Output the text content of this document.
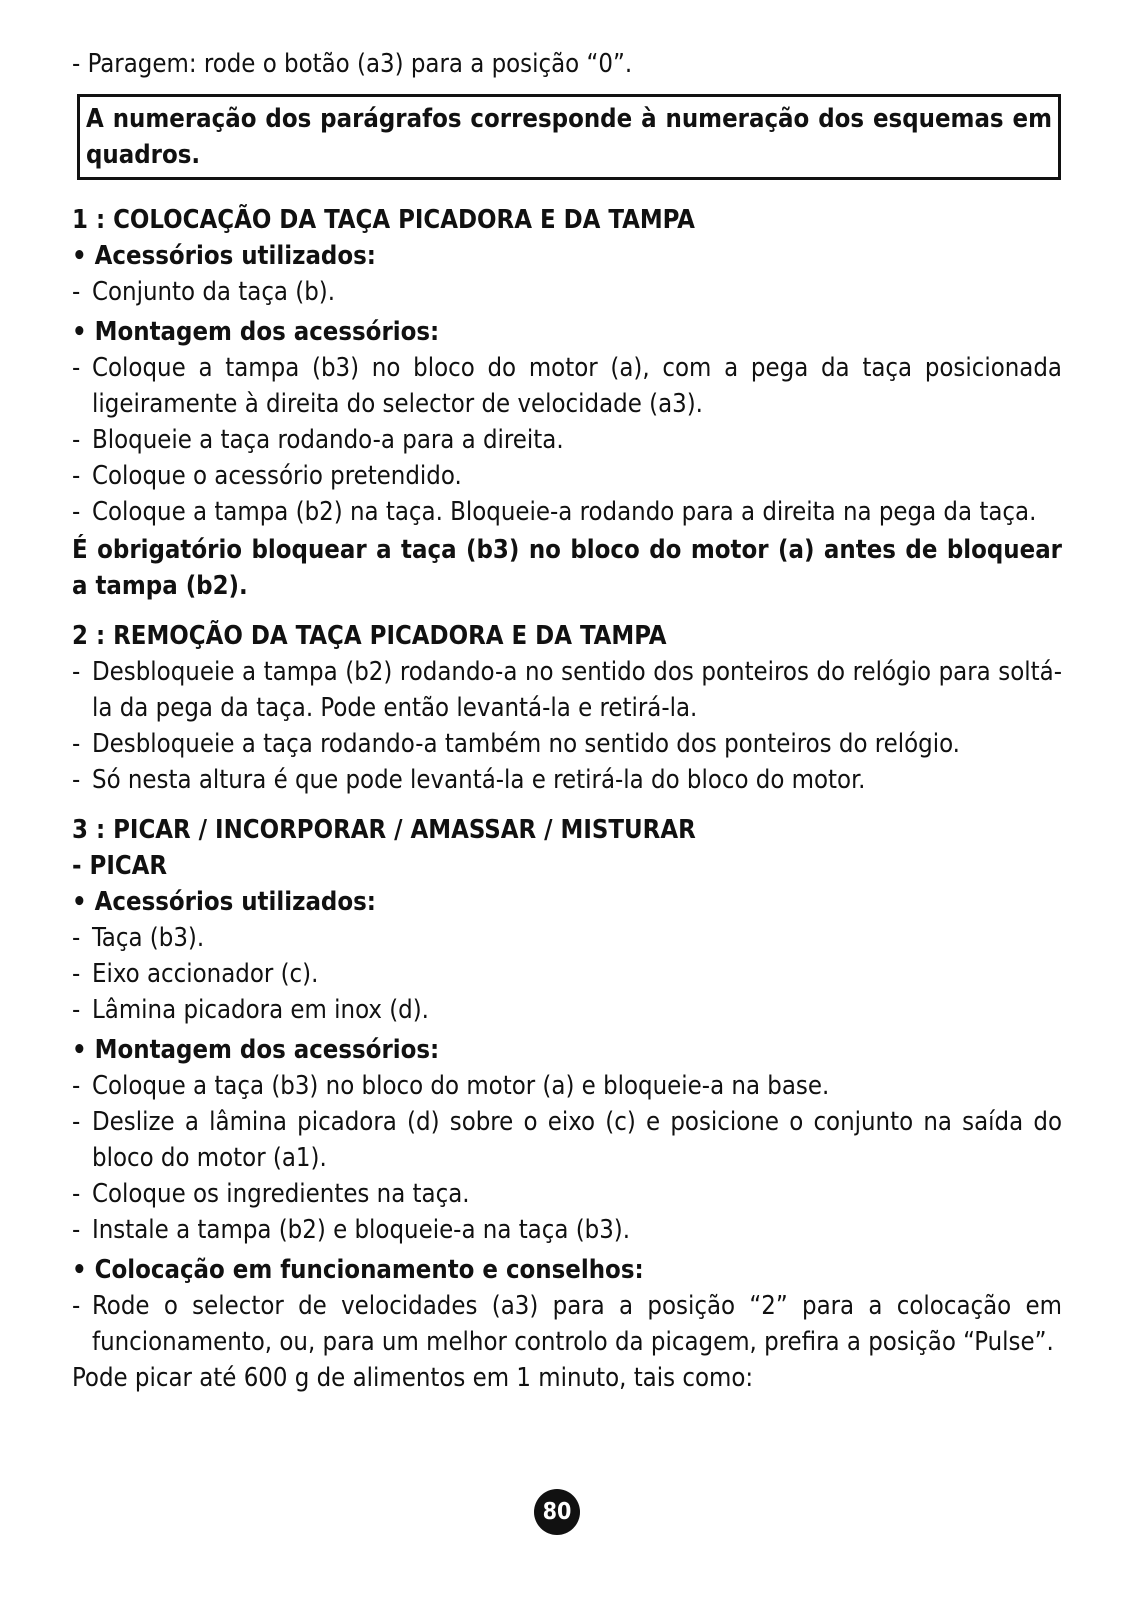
- Paragem: rode o botão (a3) para a posição “0”.
A numeração dos parágrafos corresponde à numeração dos esquemas em quadros.
1 : COLOCAÇÃO DA TAÇA PICADORA E DA TAMPA
• Acessórios utilizados:
- Conjunto da taça (b).
• Montagem dos acessórios:
- Coloque a tampa (b3) no bloco do motor (a), com a pega da taça posicionada ligeiramente à direita do selector de velocidade (a3).
- Bloqueie a taça rodando-a para a direita.
- Coloque o acessório pretendido.
- Coloque a tampa (b2) na taça. Bloqueie-a rodando para a direita na pega da taça.
É obrigatório bloquear a taça (b3) no bloco do motor (a) antes de bloquear a tampa (b2).
2 : REMOÇÃO DA TAÇA PICADORA E DA TAMPA
- Desbloqueie a tampa (b2) rodando-a no sentido dos ponteiros do relógio para soltá-la da pega da taça. Pode então levantá-la e retirá-la.
- Desbloqueie a taça rodando-a também no sentido dos ponteiros do relógio.
- Só nesta altura é que pode levantá-la e retirá-la do bloco do motor.
3 : PICAR / INCORPORAR / AMASSAR / MISTURAR
- PICAR
• Acessórios utilizados:
- Taça (b3).
- Eixo accionador (c).
- Lâmina picadora em inox (d).
• Montagem dos acessórios:
- Coloque a taça (b3) no bloco do motor (a) e bloqueie-a na base.
- Deslize a lâmina picadora (d) sobre o eixo (c) e posicione o conjunto na saída do bloco do motor (a1).
- Coloque os ingredientes na taça.
- Instale a tampa (b2) e bloqueie-a na taça (b3).
• Colocação em funcionamento e conselhos:
- Rode o selector de velocidades (a3) para a posição “2” para a colocação em funcionamento, ou, para um melhor controlo da picagem, prefira a posição “Pulse”.
Pode picar até 600 g de alimentos em 1 minuto, tais como:
80
